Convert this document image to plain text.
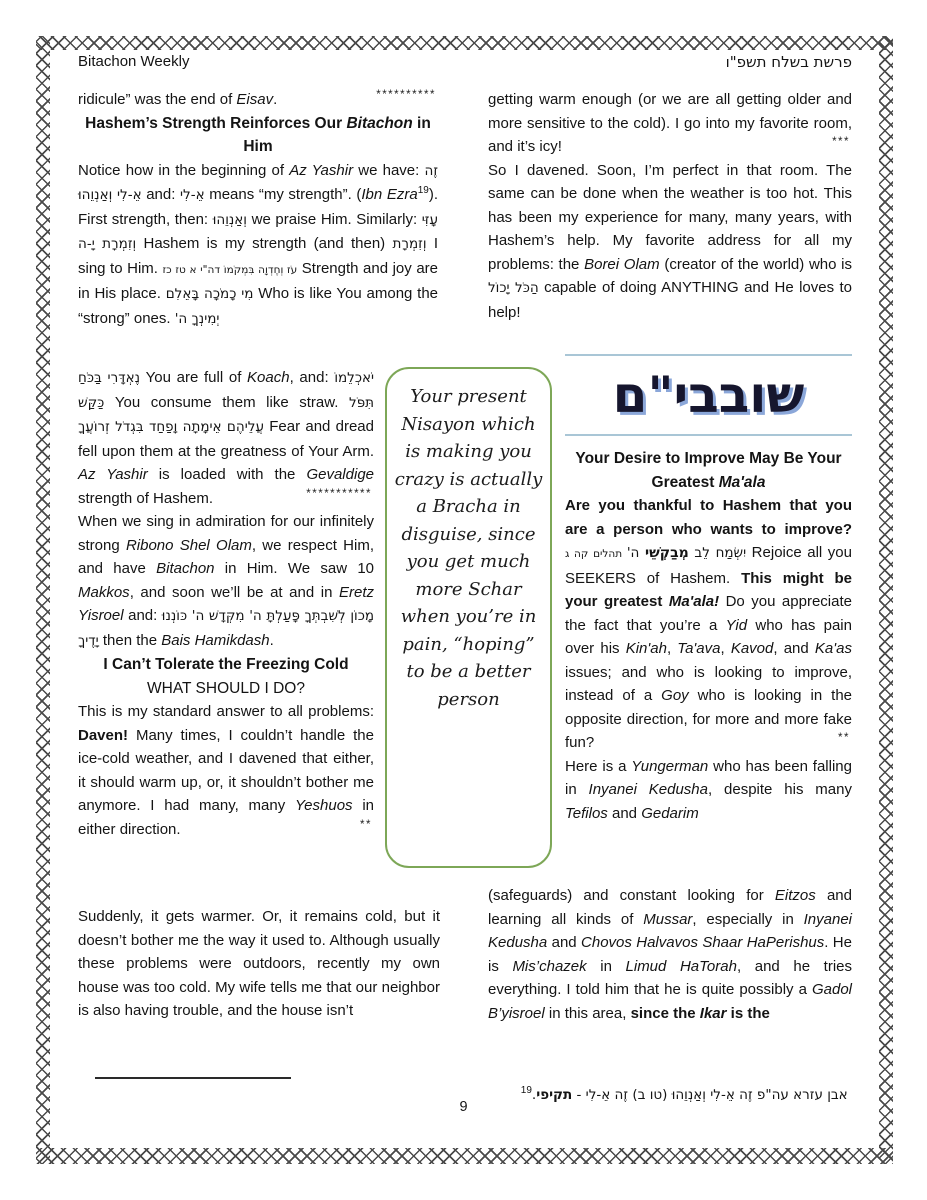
Bitachon Weekly	פרשת בשלח תשפ"ו

ridicule” was the end of Eisav.	**********

Hashem’s Strength Reinforces Our Bitachon in Him

Notice how in the beginning of Az Yashir we have: זֶה אֵ-לִי וְאַנְוֵהוּ and: אֵ-לִי means “my strength”. (Ibn Ezra$^{19}$). First strength, then: וְאַנְוֵהוּ we praise Him. Similarly: עָזִּי וְזִמְרָת יָ-ה Hashem is my strength (and then) וְזִמְרָת I sing to Him. עֹז וְחֶדְוָה בִּמְקֹמוֹ דה"י א טז כז Strength and joy are in His place. מִי כָמֹכָה בָּאֵלִם Who is like You among the “strong” ones. יְמִינְךָ ה'

נֶאְדָּרִי בַּכֹּחַ You are full of Koach, and: יֹאכְלֵמוֹ כַּקַּשׁ You consume them like straw. תִּפֹּל עֲלֵיהֶם אֵימָתָה וָפַחַד בִּגְדֹל זְרוֹעֲךָ Fear and dread fell upon them at the greatness of Your Arm. Az Yashir is loaded with the Gevaldige strength of Hashem.	***********

When we sing in admiration for our infinitely strong Ribono Shel Olam, we respect Him, and have Bitachon in Him. We saw 10 Makkos, and soon we’ll be at and in Eretz Yisroel and: מָכוֹן לְשִׁבְתְּךָ פָּעַלְתָּ ה' מִקְּדָשׁ ה' כּוֹנְנוּ יָדֶיךָ then the Bais Hamikdash.

I Can’t Tolerate the Freezing Cold

WHAT SHOULD I DO?

This is my standard answer to all problems: Daven! Many times, I couldn’t handle the ice-cold weather, and I davened that either, it should warm up, or, it shouldn’t bother me anymore. I had many, many Yeshuos in either direction.	**

Suddenly, it gets warmer. Or, it remains cold, but it doesn’t bother me the way it used to. Although usually these problems were outdoors, recently my own house was too cold. My wife tells me that our neighbor is also having trouble, and the house isn’t

Your present Nisayon which is making you crazy is actually a Bracha in disguise, since you get much more Schar when you’re in pain, “hoping” to be a better person

getting warm enough (or we are all getting older and more sensitive to the cold). I go into my favorite room, and it’s icy!	***

So I davened. Soon, I’m perfect in that room. The same can be done when the weather is too hot. This has been my experience for many, many years, with Hashem’s help. My favorite address for all my problems: the Borei Olam (creator of the world) who is הַכֹּל יָכוֹל capable of doing ANYTHING and He loves to help!

שובבי"ם

Your Desire to Improve May Be Your Greatest Ma'ala

Are you thankful to Hashem that you are a person who wants to improve? יִשְׂמַח לֵב מְבַקְשֵׁי ה' תהלים קה ג	Rejoice all you SEEKERS of Hashem. This might be your greatest Ma'ala! Do you appreciate the fact that you’re a Yid who has pain over his Kin'ah, Ta'ava, Kavod, and Ka'as issues; and who is looking to improve, instead of a Goy who is looking in the opposite direction, for more and more fake fun?	**

Here is a Yungerman who has been falling in Inyanei Kedusha, despite his many Tefilos and Gedarim

(safeguards) and constant looking for Eitzos and learning all kinds of Mussar, especially in Inyanei Kedusha and Chovos Halvavos Shaar HaPerishus. He is Mis’chazek in Limud HaTorah, and he tries everything. I told him that he is quite possibly a Gadol B’yisroel in this area, since the Ikar is the

$^{19}$	אבן עזרא עה"פ זֶה אֵ-לִי וְאַנְוֵהוּ (טו ב) זֶה אֵ-לִי - תקיפי.‏

9
